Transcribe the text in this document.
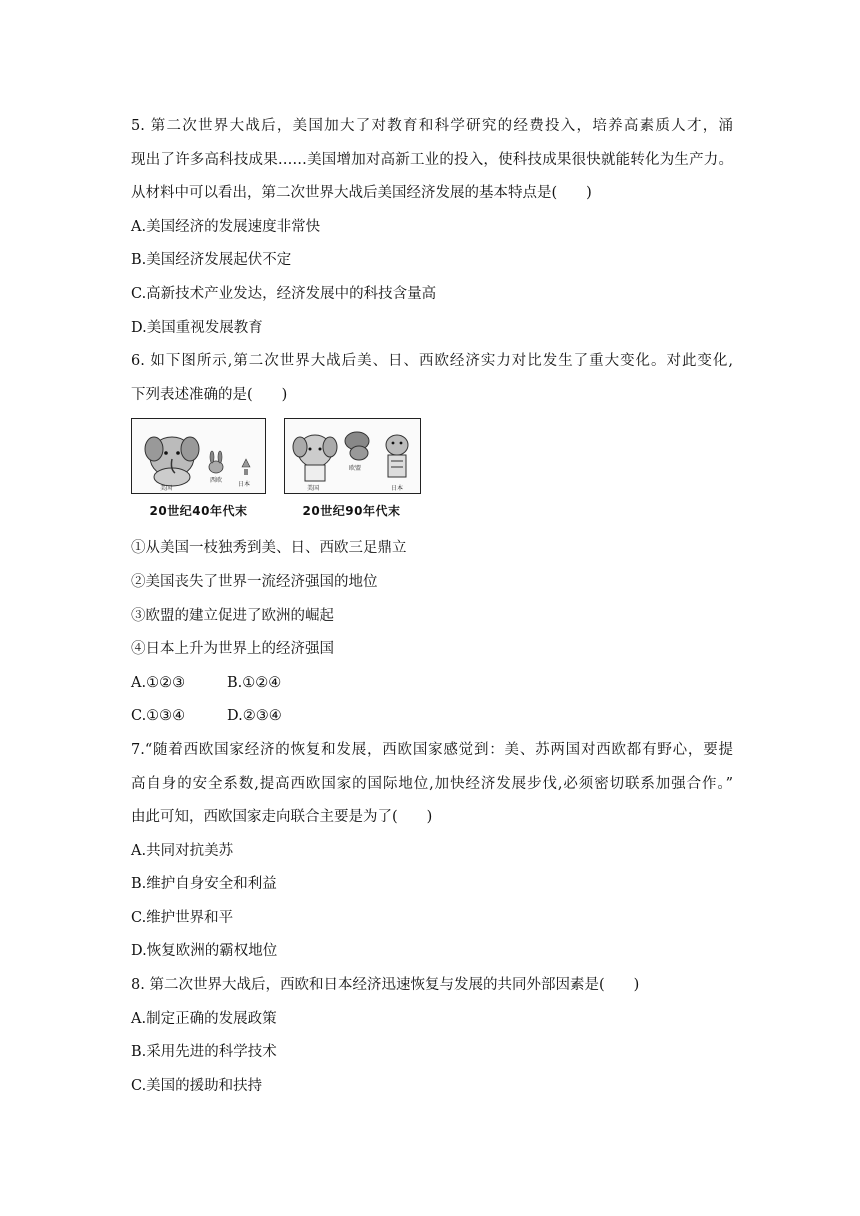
5. 第二次世界大战后，美国加大了对教育和科学研究的经费投入，培养高素质人才，涌
现出了许多高科技成果……美国增加对高新工业的投入，使科技成果很快就能转化为生产力。
从材料中可以看出，第二次世界大战后美国经济发展的基本特点是(　　)
A.美国经济的发展速度非常快
B.美国经济发展起伏不定
C.高新技术产业发达，经济发展中的科技含量高
D.美国重视发展教育
6. 如下图所示,第二次世界大战后美、日、西欧经济实力对比发生了重大变化。对此变化,
下列表述准确的是(　　)
美国
西欧
日本
20世纪40年代末
美国
欧盟
日本
20世纪90年代末
①从美国一枝独秀到美、日、西欧三足鼎立
②美国丧失了世界一流经济强国的地位
③欧盟的建立促进了欧洲的崛起
④日本上升为世界上的经济强国
A.①②③	B.①②④
C.①③④	D.②③④
7.“随着西欧国家经济的恢复和发展，西欧国家感觉到：美、苏两国对西欧都有野心，要提
高自身的安全系数,提高西欧国家的国际地位,加快经济发展步伐,必须密切联系加强合作。”
由此可知，西欧国家走向联合主要是为了(　　)
A.共同对抗美苏
B.维护自身安全和利益
C.维护世界和平
D.恢复欧洲的霸权地位
8. 第二次世界大战后，西欧和日本经济迅速恢复与发展的共同外部因素是(　　)
A.制定正确的发展政策
B.采用先进的科学技术
C.美国的援助和扶持
